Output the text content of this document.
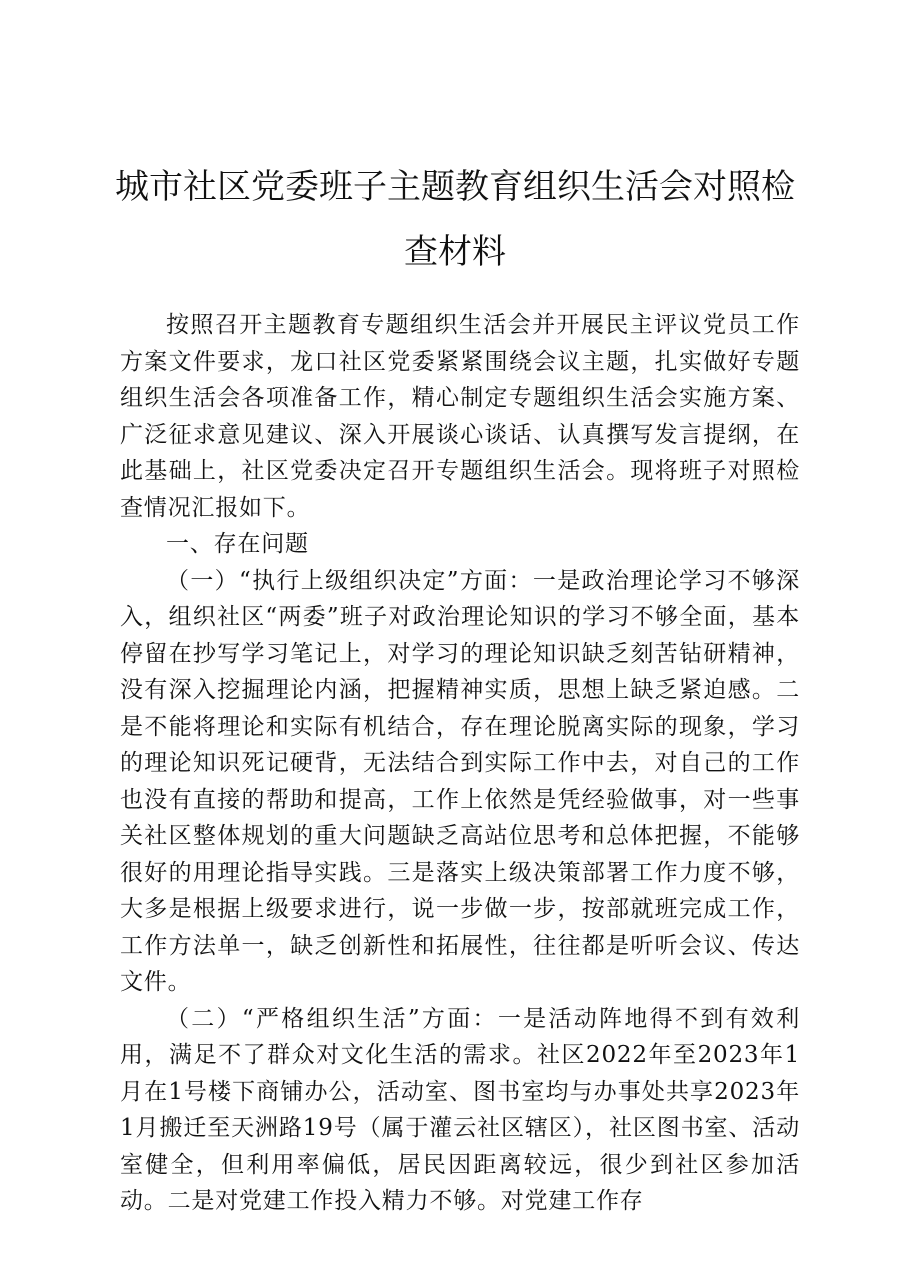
城市社区党委班子主题教育组织生活会对照检
查材料

按照召开主题教育专题组织生活会并开展民主评议党员工作方案文件要求，龙口社区党委紧紧围绕会议主题，扎实做好专题组织生活会各项准备工作，精心制定专题组织生活会实施方案、广泛征求意见建议、深入开展谈心谈话、认真撰写发言提纲，在此基础上，社区党委决定召开专题组织生活会。现将班子对照检查情况汇报如下。

一、存在问题

（一）“执行上级组织决定”方面：一是政治理论学习不够深入，组织社区“两委”班子对政治理论知识的学习不够全面，基本停留在抄写学习笔记上，对学习的理论知识缺乏刻苦钻研精神，没有深入挖掘理论内涵，把握精神实质，思想上缺乏紧迫感。二是不能将理论和实际有机结合，存在理论脱离实际的现象，学习的理论知识死记硬背，无法结合到实际工作中去，对自己的工作也没有直接的帮助和提高，工作上依然是凭经验做事，对一些事关社区整体规划的重大问题缺乏高站位思考和总体把握，不能够很好的用理论指导实践。三是落实上级决策部署工作力度不够，大多是根据上级要求进行，说一步做一步，按部就班完成工作，工作方法单一，缺乏创新性和拓展性，往往都是听听会议、传达文件。

（二）“严格组织生活”方面：一是活动阵地得不到有效利用，满足不了群众对文化生活的需求。社区2022年至2023年1月在1号楼下商铺办公，活动室、图书室均与办事处共享2023年1月搬迁至天洲路19号（属于灌云社区辖区），社区图书室、活动室健全，但利用率偏低，居民因距离较远，很少到社区参加活动。二是对党建工作投入精力不够。对党建工作存
